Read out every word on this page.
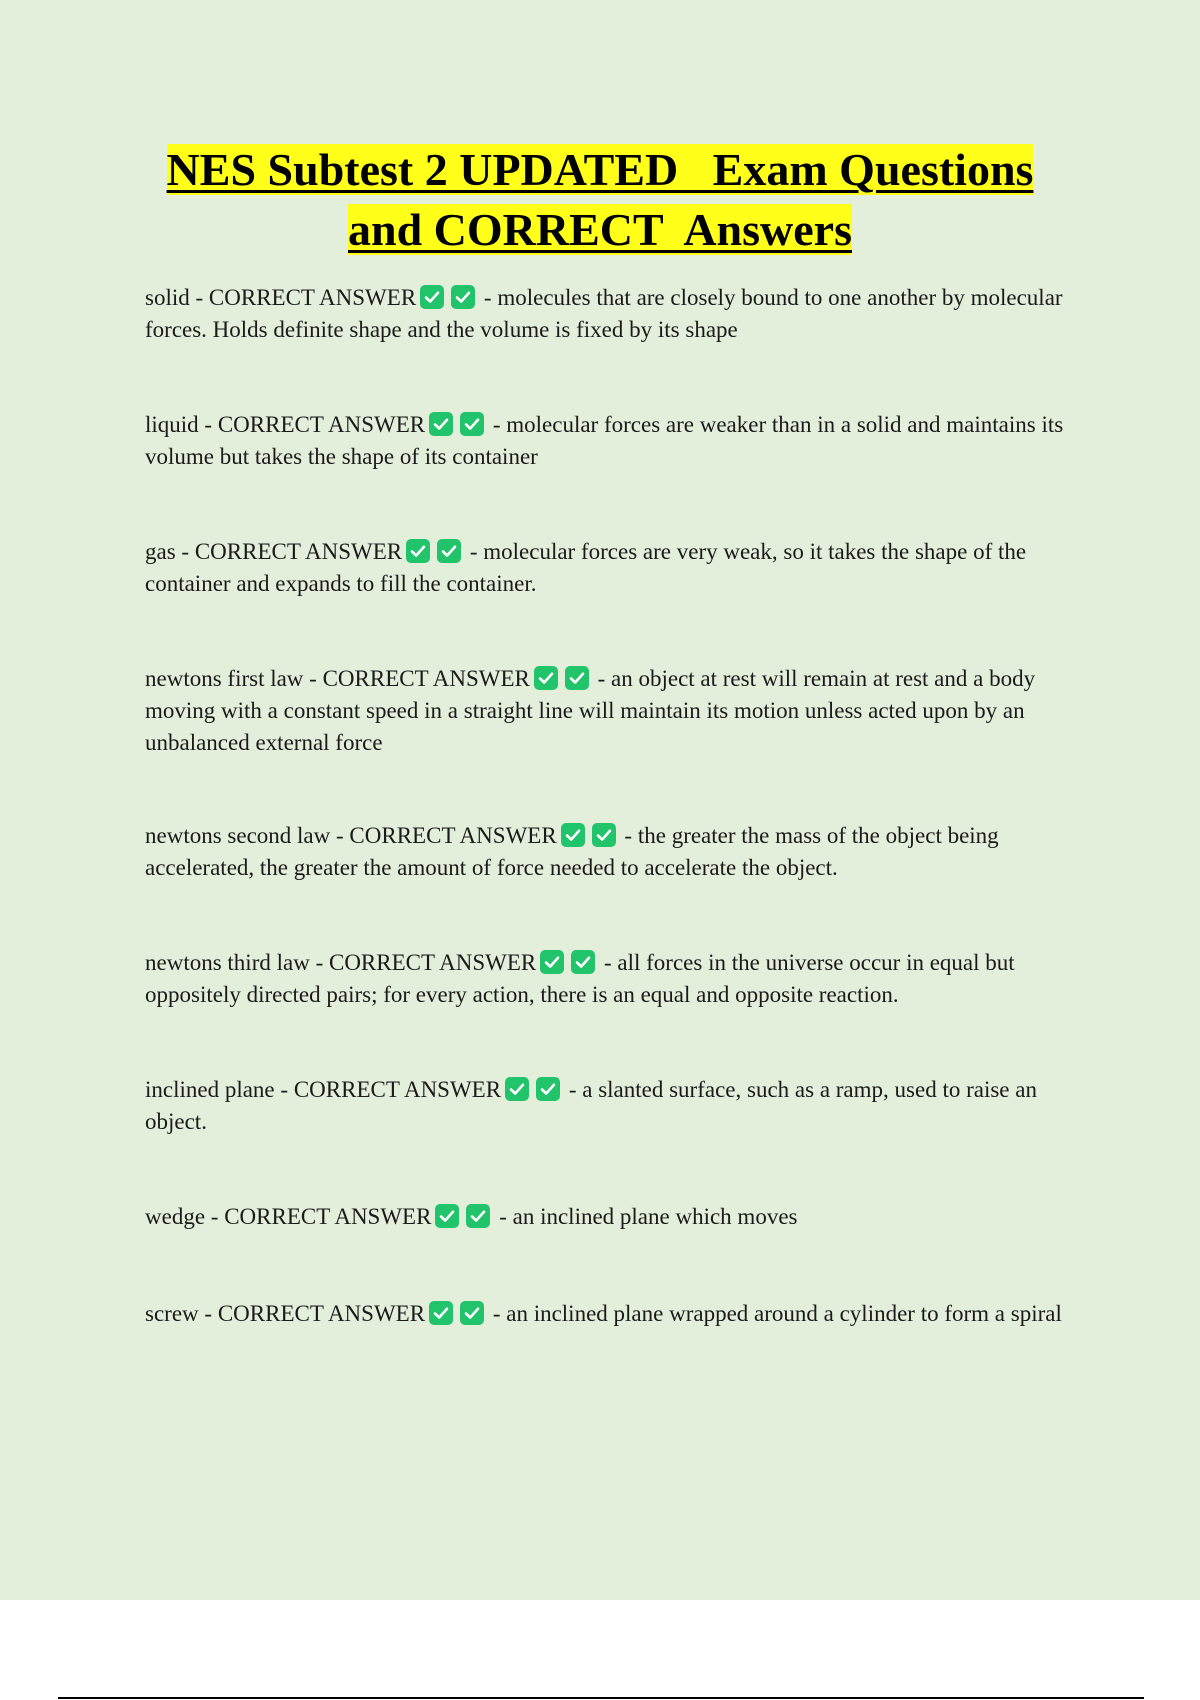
NES Subtest 2 UPDATED   Exam Questions
and CORRECT  Answers
solid - CORRECT ANSWER	- molecules that are closely bound to one another by molecular forces. Holds definite shape and the volume is fixed by its shape
liquid - CORRECT ANSWER	- molecular forces are weaker than in a solid and maintains its volume but takes the shape of its container
gas - CORRECT ANSWER	- molecular forces are very weak, so it takes the shape of the container and expands to fill the container.
newtons first law - CORRECT ANSWER	- an object at rest will remain at rest and a body moving with a constant speed in a straight line will maintain its motion unless acted upon by an unbalanced external force
newtons second law - CORRECT ANSWER	- the greater the mass of the object being accelerated, the greater the amount of force needed to accelerate the object.
newtons third law - CORRECT ANSWER	- all forces in the universe occur in equal but oppositely directed pairs; for every action, there is an equal and opposite reaction.
inclined plane - CORRECT ANSWER	- a slanted surface, such as a ramp, used to raise an object.
wedge - CORRECT ANSWER	- an inclined plane which moves
screw - CORRECT ANSWER	- an inclined plane wrapped around a cylinder to form a spiral
